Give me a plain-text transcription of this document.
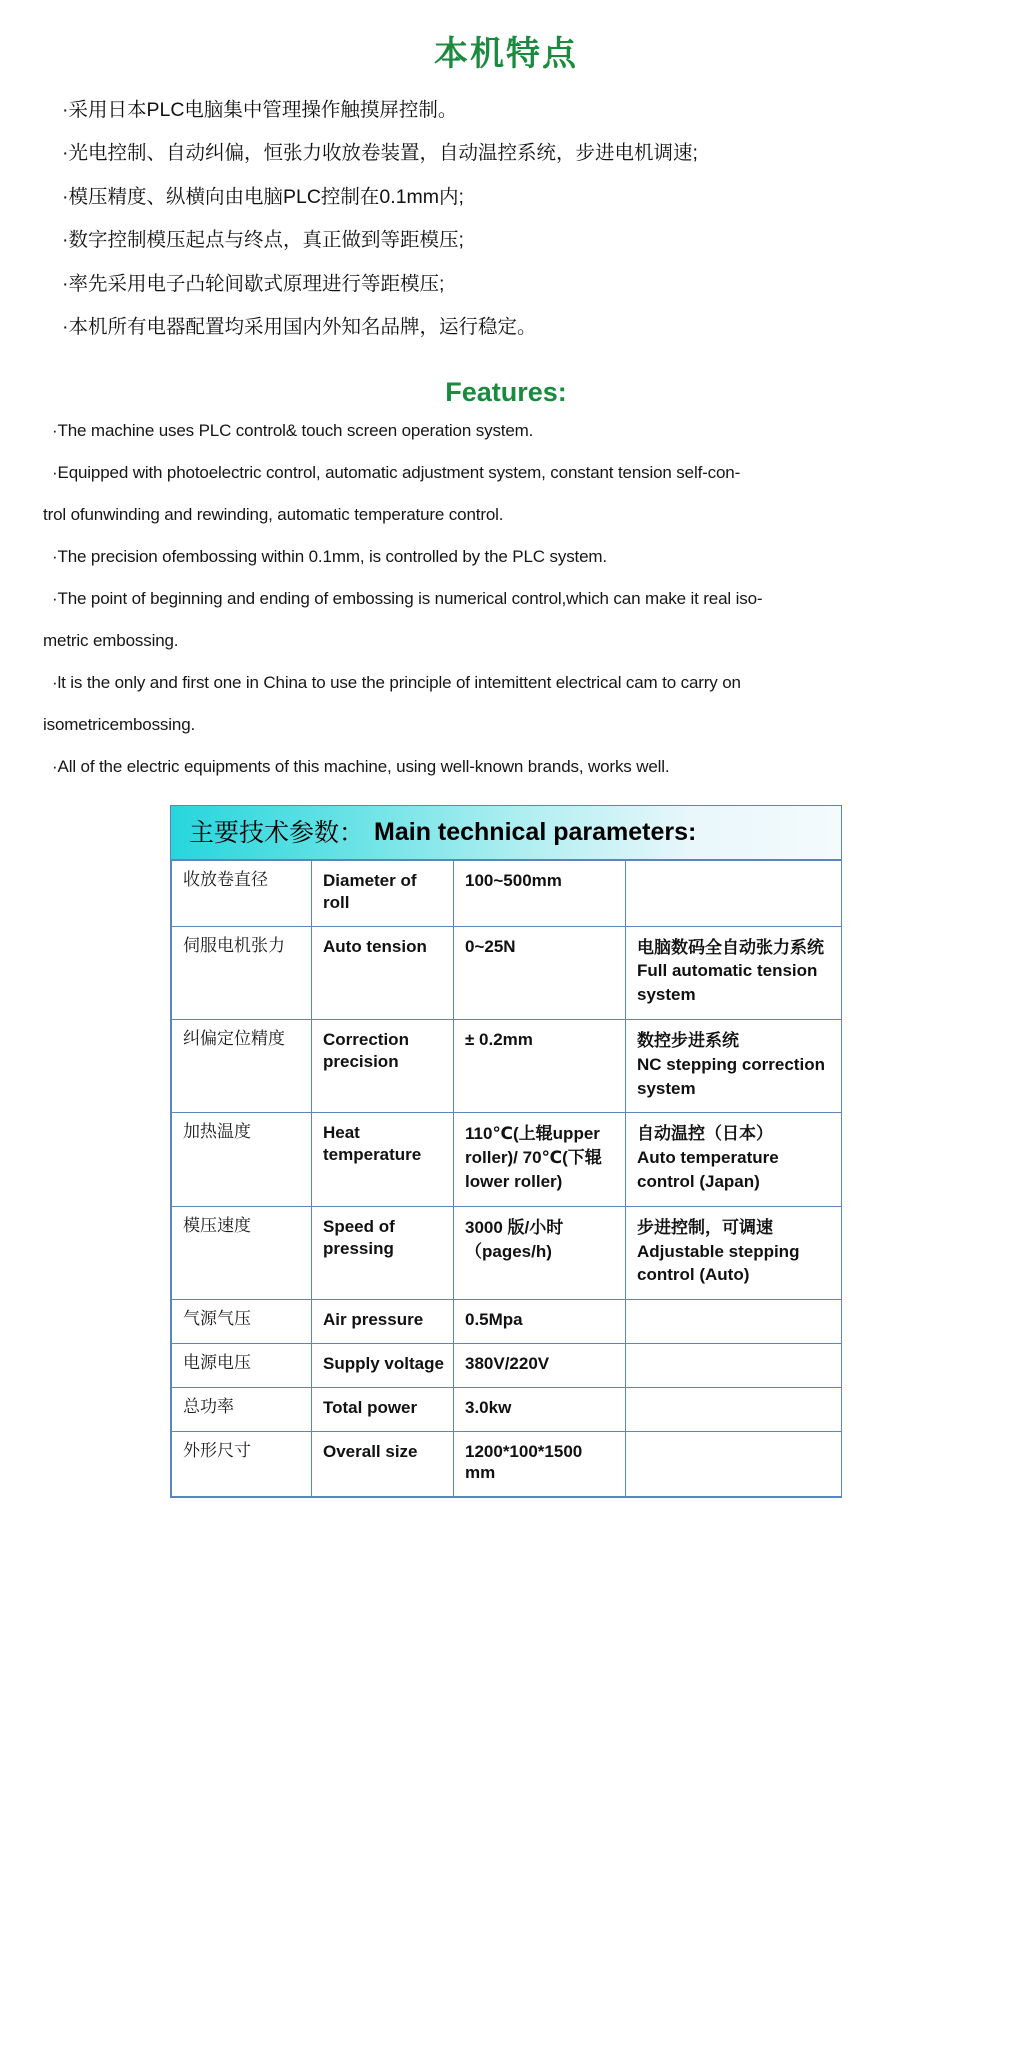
本机特点
·采用日本PLC电脑集中管理操作触摸屏控制。
·光电控制、自动纠偏，恒张力收放卷装置，自动温控系统，步进电机调速;
·模压精度、纵横向由电脑PLC控制在0.1mm内;
·数字控制模压起点与终点，真正做到等距模压;
·率先采用电子凸轮间歇式原理进行等距模压;
·本机所有电器配置均采用国内外知名品牌，运行稳定。
Features:
·The machine uses PLC control& touch screen operation system.
·Equipped with photoelectric control, automatic adjustment system, constant tension self-con-
trol ofunwinding and rewinding, automatic temperature control.
·The precision ofembossing within 0.1mm, is controlled by the PLC system.
·The point of beginning and ending of embossing is numerical control,which can make it real iso-
metric embossing.
·lt is the only and first one in China to use the principle of intemittent electrical cam to carry on
isometricembossing.
·All of the electric equipments of this machine, using well-known brands, works well.
主要技术参数： Main technical parameters:
收放卷直径	Diameter of roll	100~500mm	

伺服电机张力	Auto tension	0~25N	电脑数码全自动张力系统
Full automatic tension system

纠偏定位精度	Correction precision	± 0.2mm	数控步进系统
NC stepping correction system

加热温度	Heat temperature	110℃(上辊upper roller)/ 70℃(下辊lower roller)	自动温控（日本）
Auto temperature control (Japan)

模压速度	Speed of pressing	3000 版/小时 （pages/h)	步进控制，可调速
Adjustable stepping control (Auto)

气源气压	Air pressure	0.5Mpa	

电源电压	Supply voltage	380V/220V	

总功率	Total power	3.0kw	

外形尺寸	Overall size	1200*100*1500 mm	
